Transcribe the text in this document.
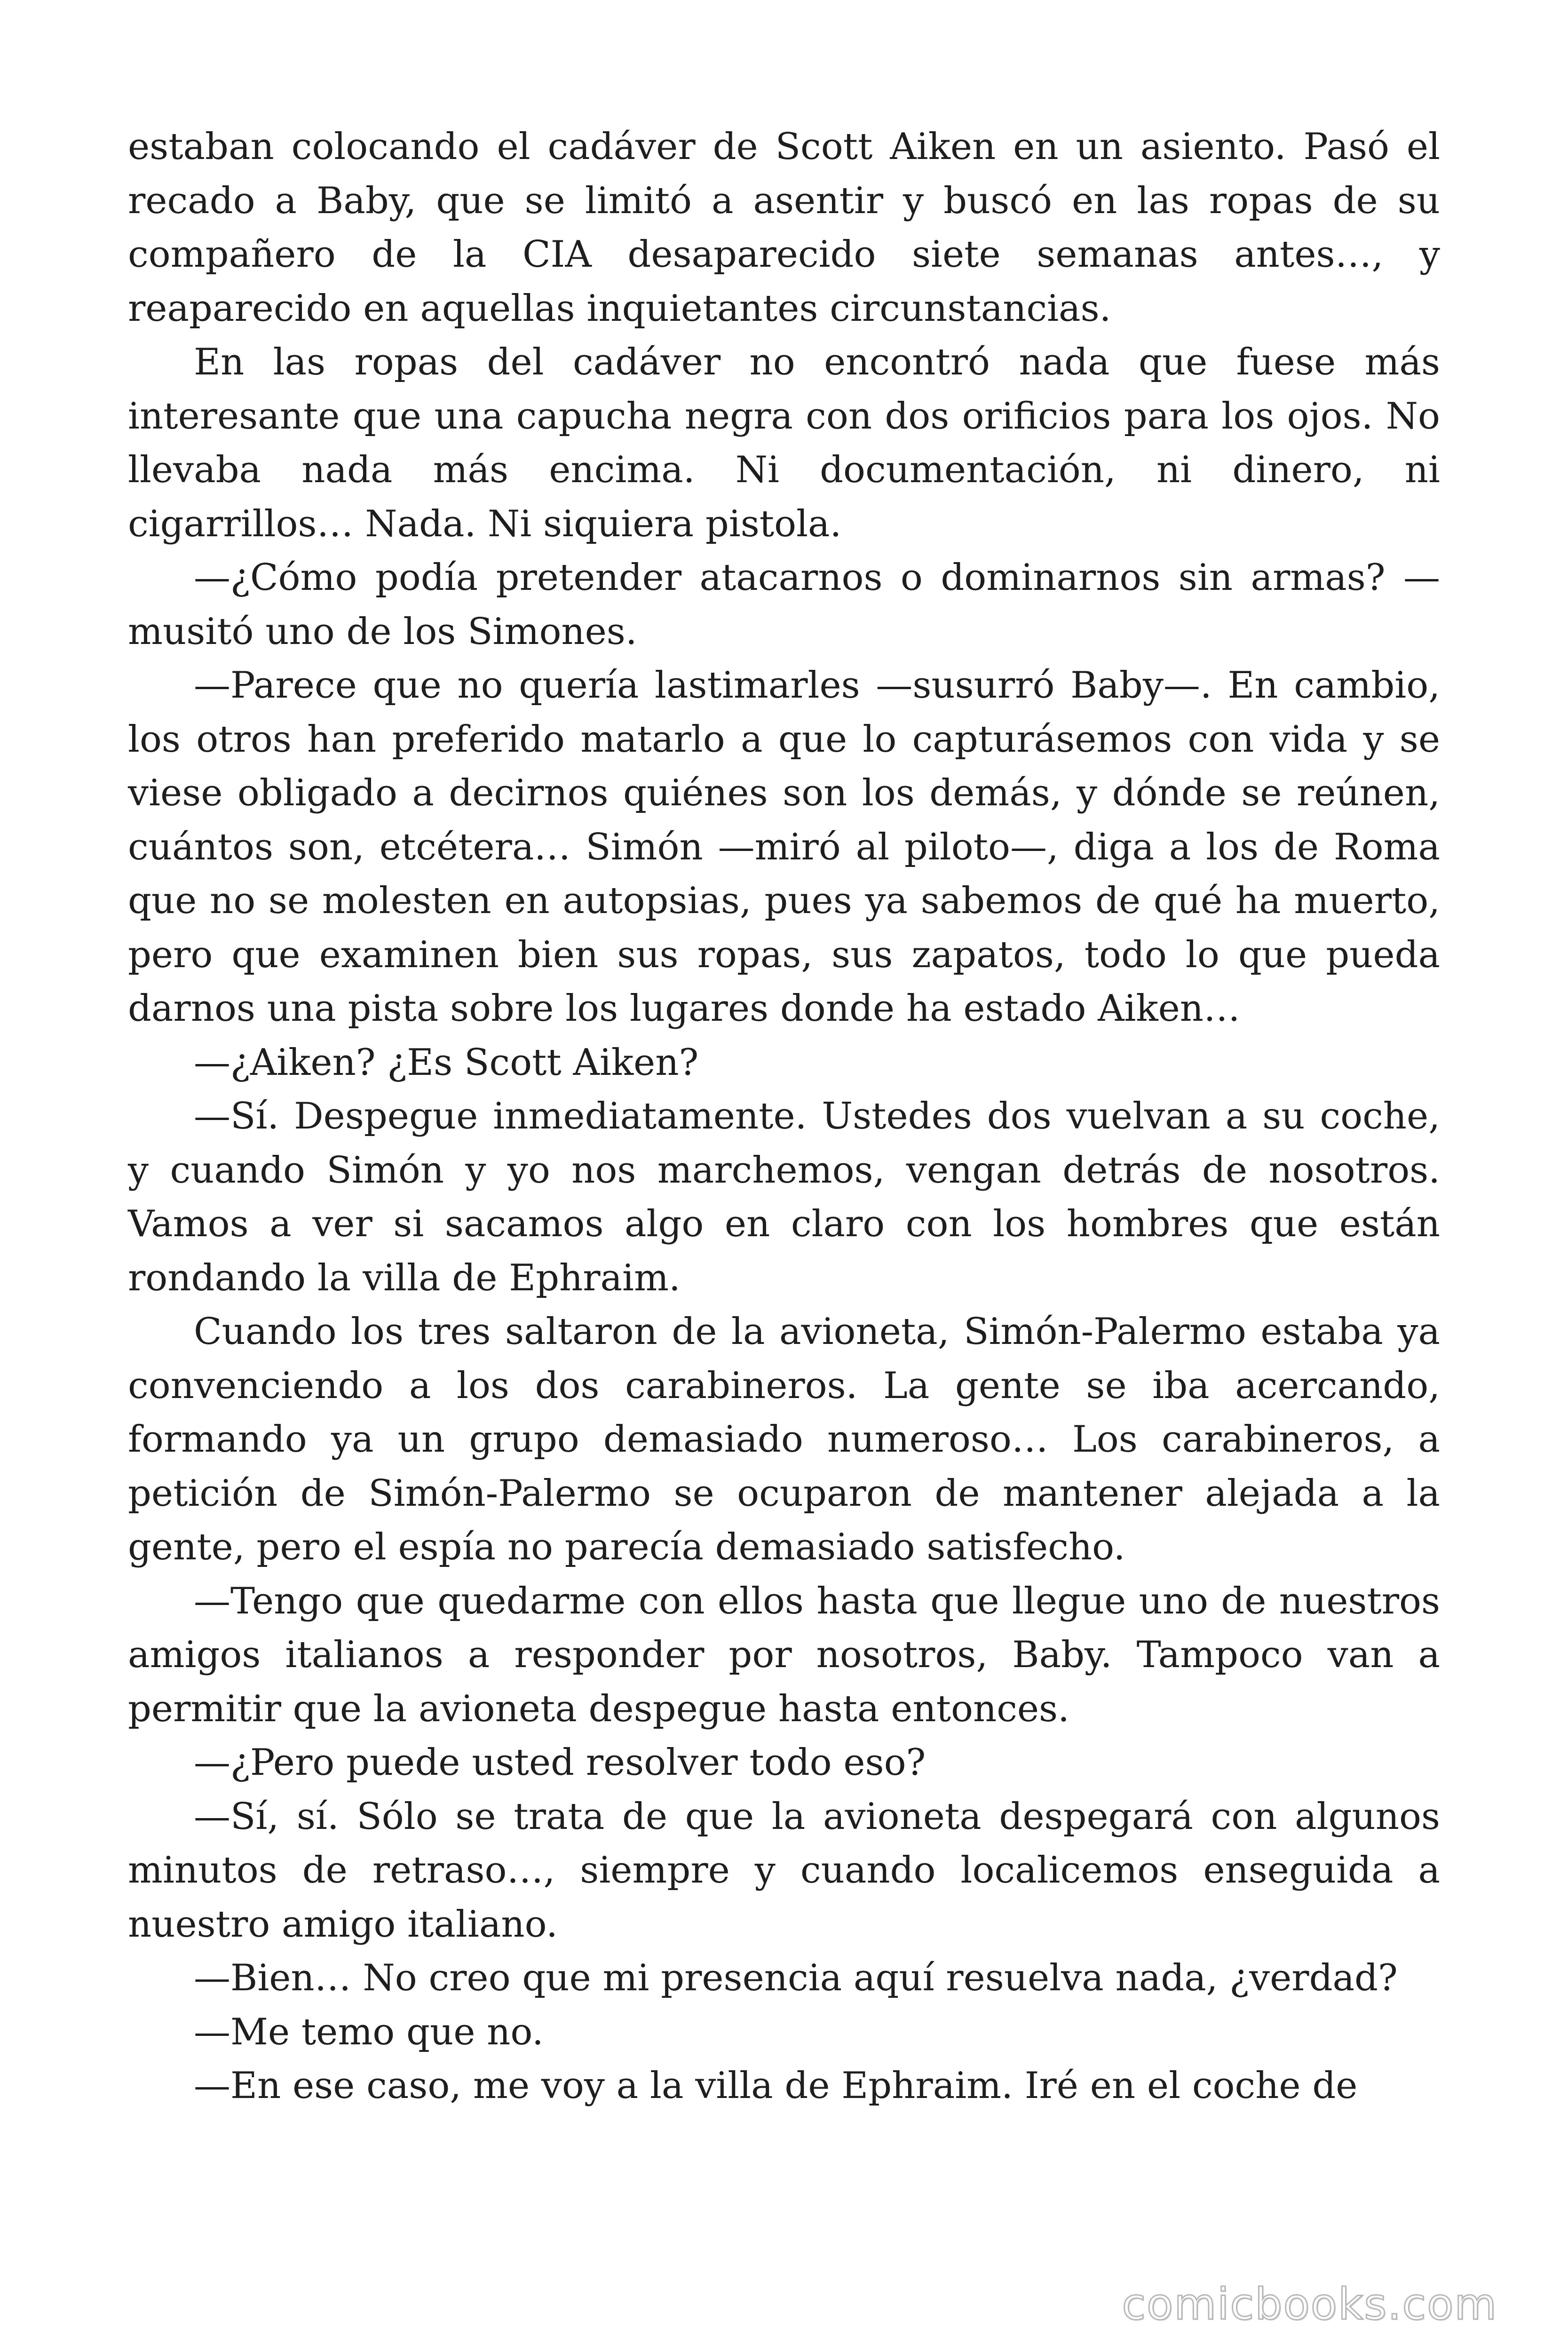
estaban colocando el cadáver de Scott Aiken en un asiento. Pasó el recado a Baby, que se limitó a asentir y buscó en las ropas de su compañero de la CIA desaparecido siete semanas antes…, y reaparecido en aquellas inquietantes circunstancias.

En las ropas del cadáver no encontró nada que fuese más interesante que una capucha negra con dos orificios para los ojos. No llevaba nada más encima. Ni documentación, ni dinero, ni cigarrillos… Nada. Ni siquiera pistola.

—¿Cómo podía pretender atacarnos o dominarnos sin armas? —musitó uno de los Simones.

—Parece que no quería lastimarles —susurró Baby—. En cambio, los otros han preferido matarlo a que lo capturásemos con vida y se viese obligado a decirnos quiénes son los demás, y dónde se reúnen, cuántos son, etcétera… Simón —miró al piloto—, diga a los de Roma que no se molesten en autopsias, pues ya sabemos de qué ha muerto, pero que examinen bien sus ropas, sus zapatos, todo lo que pueda darnos una pista sobre los lugares donde ha estado Aiken…

—¿Aiken? ¿Es Scott Aiken?

—Sí. Despegue inmediatamente. Ustedes dos vuelvan a su coche, y cuando Simón y yo nos marchemos, vengan detrás de nosotros. Vamos a ver si sacamos algo en claro con los hombres que están rondando la villa de Ephraim.

Cuando los tres saltaron de la avioneta, Simón-Palermo estaba ya convenciendo a los dos carabineros. La gente se iba acercando, formando ya un grupo demasiado numeroso… Los carabineros, a petición de Simón-Palermo se ocuparon de mantener alejada a la gente, pero el espía no parecía demasiado satisfecho.

—Tengo que quedarme con ellos hasta que llegue uno de nuestros amigos italianos a responder por nosotros, Baby. Tampoco van a permitir que la avioneta despegue hasta entonces.

—¿Pero puede usted resolver todo eso?

—Sí, sí. Sólo se trata de que la avioneta despegará con algunos minutos de retraso…, siempre y cuando localicemos enseguida a nuestro amigo italiano.

—Bien… No creo que mi presencia aquí resuelva nada, ¿verdad?

—Me temo que no.

—En ese caso, me voy a la villa de Ephraim. Iré en el coche de

comicbooks.com
